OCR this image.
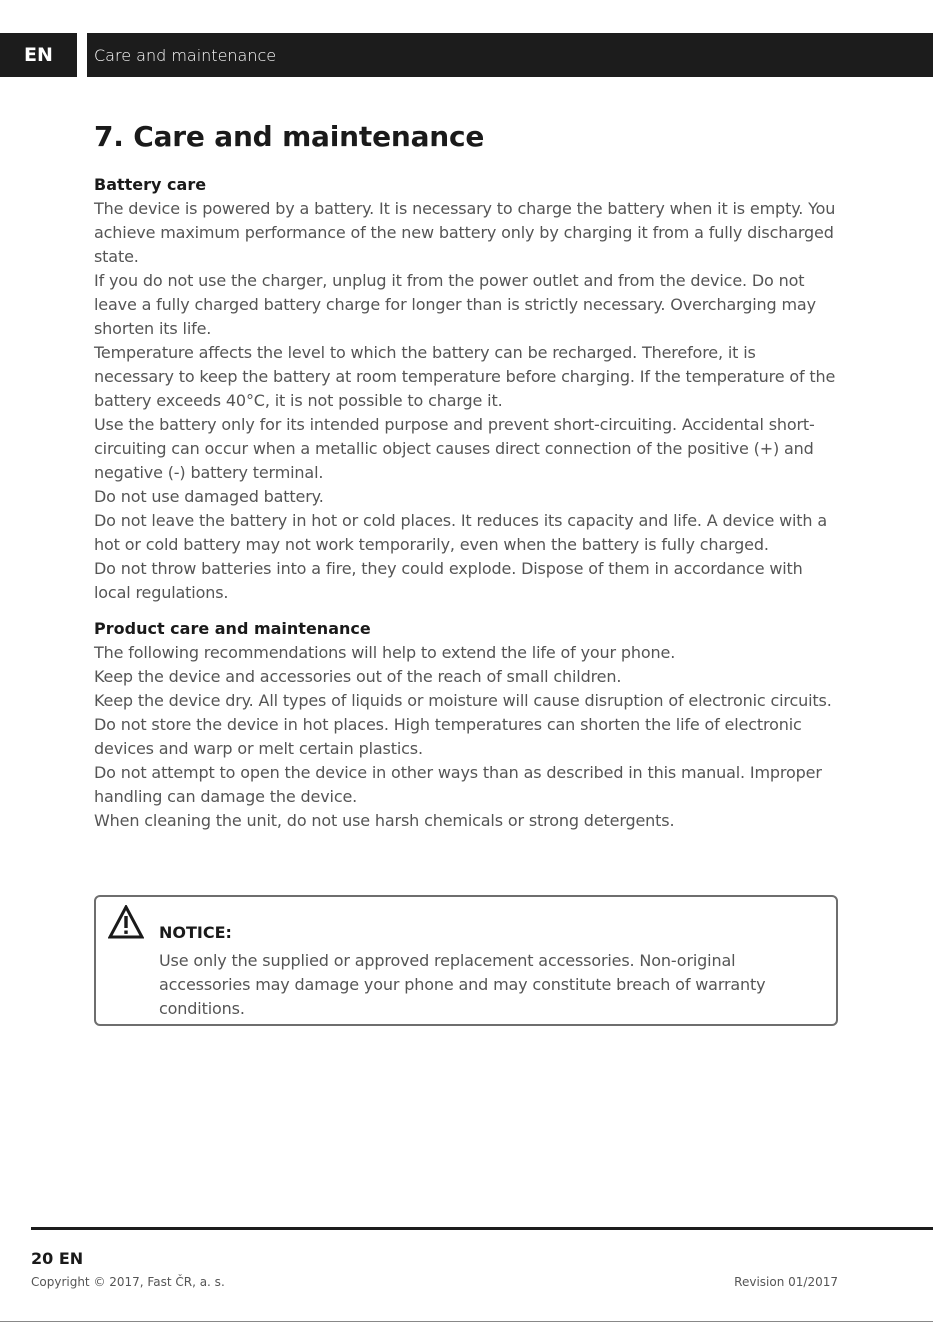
EN	Care and maintenance
7. Care and maintenance
Battery care

The device is powered by a battery. It is necessary to charge the battery when it is empty. You achieve maximum performance of the new battery only by charging it from a fully discharged state.

If you do not use the charger, unplug it from the power outlet and from the device. Do not leave a fully charged battery charge for longer than is strictly necessary. Overcharging may shorten its life.

Temperature affects the level to which the battery can be recharged. Therefore, it is necessary to keep the battery at room temperature before charging. If the temperature of the battery exceeds 40°C, it is not possible to charge it.

Use the battery only for its intended purpose and prevent short-circuiting. Accidental short-circuiting can occur when a metallic object causes direct connection of the positive (+) and negative (-) battery terminal.

Do not use damaged battery.

Do not leave the battery in hot or cold places. It reduces its capacity and life. A device with a hot or cold battery may not work temporarily, even when the battery is fully charged.

Do not throw batteries into a fire, they could explode. Dispose of them in accordance with local regulations.

Product care and maintenance

The following recommendations will help to extend the life of your phone.

Keep the device and accessories out of the reach of small children.

Keep the device dry. All types of liquids or moisture will cause disruption of electronic circuits.

Do not store the device in hot places. High temperatures can shorten the life of electronic devices and warp or melt certain plastics.

Do not attempt to open the device in other ways than as described in this manual. Improper handling can damage the device.

When cleaning the unit, do not use harsh chemicals or strong detergents.

NOTICE:
Use only the supplied or approved replacement accessories. Non-original accessories may damage your phone and may constitute breach of warranty conditions.
20 EN
Copyright © 2017, Fast ČR, a. s.	Revision 01/2017
